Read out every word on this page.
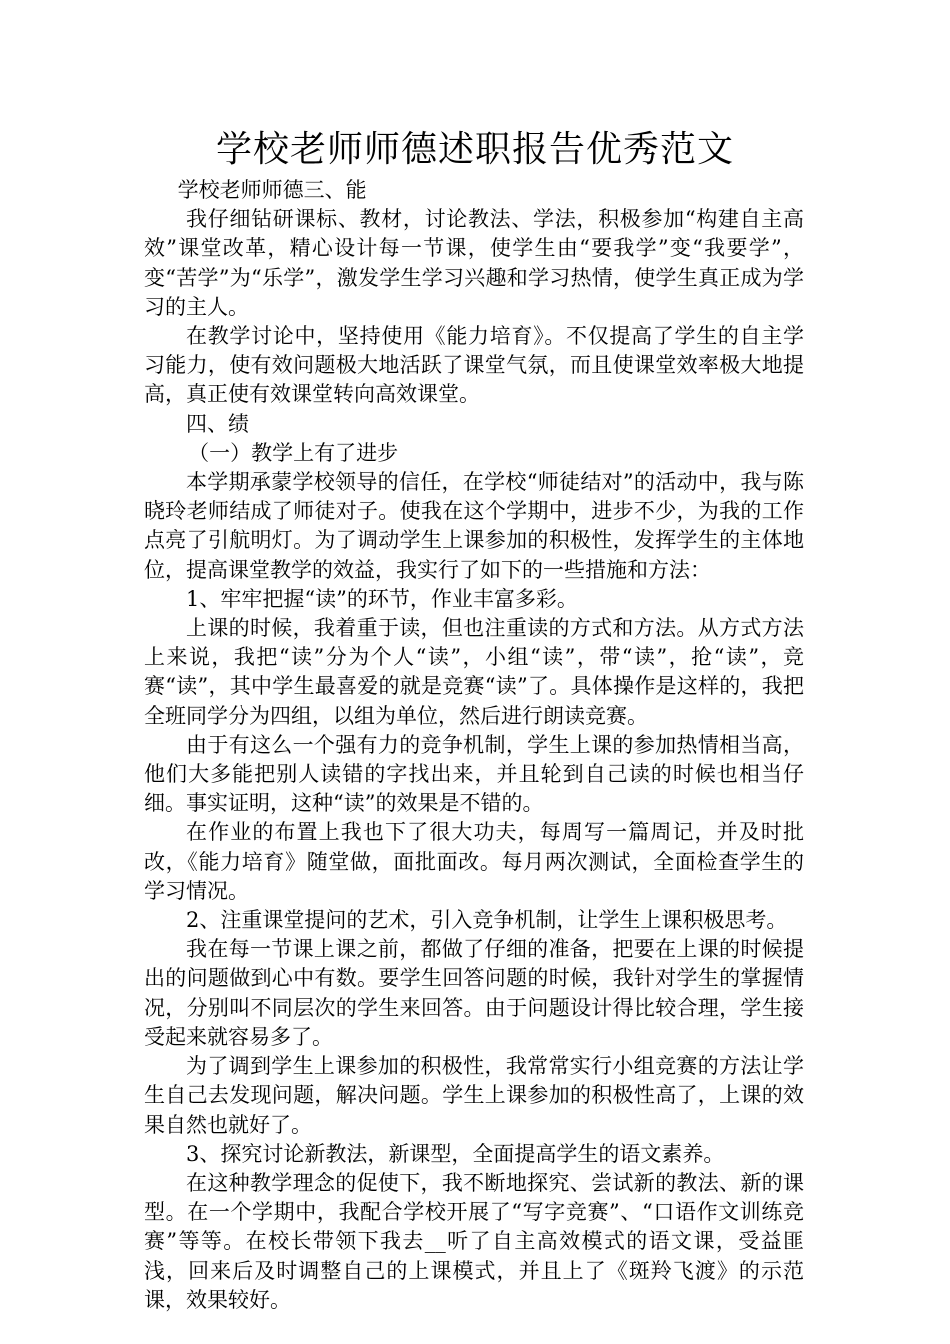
学校老师师德述职报告优秀范文

学校老师师德三、能

我仔细钻研课标、教材，讨论教法、学法，积极参加“构建自主高效”课堂改革，精心设计每一节课，使学生由“要我学”变“我要学”，变“苦学”为“乐学”，激发学生学习兴趣和学习热情，使学生真正成为学习的主人。

在教学讨论中，坚持使用《能力培育》。不仅提高了学生的自主学习能力，使有效问题极大地活跃了课堂气氛，而且使课堂效率极大地提高，真正使有效课堂转向高效课堂。

四、绩

（一）教学上有了进步

本学期承蒙学校领导的信任，在学校“师徒结对”的活动中，我与陈晓玲老师结成了师徒对子。使我在这个学期中，进步不少，为我的工作点亮了引航明灯。为了调动学生上课参加的积极性，发挥学生的主体地位，提高课堂教学的效益，我实行了如下的一些措施和方法：

1、牢牢把握“读”的环节，作业丰富多彩。

上课的时候，我着重于读，但也注重读的方式和方法。从方式方法上来说，我把“读”分为个人“读”，小组“读”，带“读”，抢“读”，竞赛“读”，其中学生最喜爱的就是竞赛“读”了。具体操作是这样的，我把全班同学分为四组，以组为单位，然后进行朗读竞赛。

由于有这么一个强有力的竞争机制，学生上课的参加热情相当高，他们大多能把别人读错的字找出来，并且轮到自己读的时候也相当仔细。事实证明，这种“读”的效果是不错的。

在作业的布置上我也下了很大功夫，每周写一篇周记，并及时批改，《能力培育》随堂做，面批面改。每月两次测试，全面检查学生的学习情况。

2、注重课堂提问的艺术，引入竞争机制，让学生上课积极思考。

我在每一节课上课之前，都做了仔细的准备，把要在上课的时候提出的问题做到心中有数。要学生回答问题的时候，我针对学生的掌握情况，分别叫不同层次的学生来回答。由于问题设计得比较合理，学生接受起来就容易多了。

为了调到学生上课参加的积极性，我常常实行小组竞赛的方法让学生自己去发现问题，解决问题。学生上课参加的积极性高了，上课的效果自然也就好了。

3、探究讨论新教法，新课型，全面提高学生的语文素养。

在这种教学理念的促使下，我不断地探究、尝试新的教法、新的课型。在一个学期中，我配合学校开展了“写字竞赛”、“口语作文训练竞赛”等等。在校长带领下我去__听了自主高效模式的语文课，受益匪浅，回来后及时调整自己的上课模式，并且上了《斑羚飞渡》的示范课，效果较好。
